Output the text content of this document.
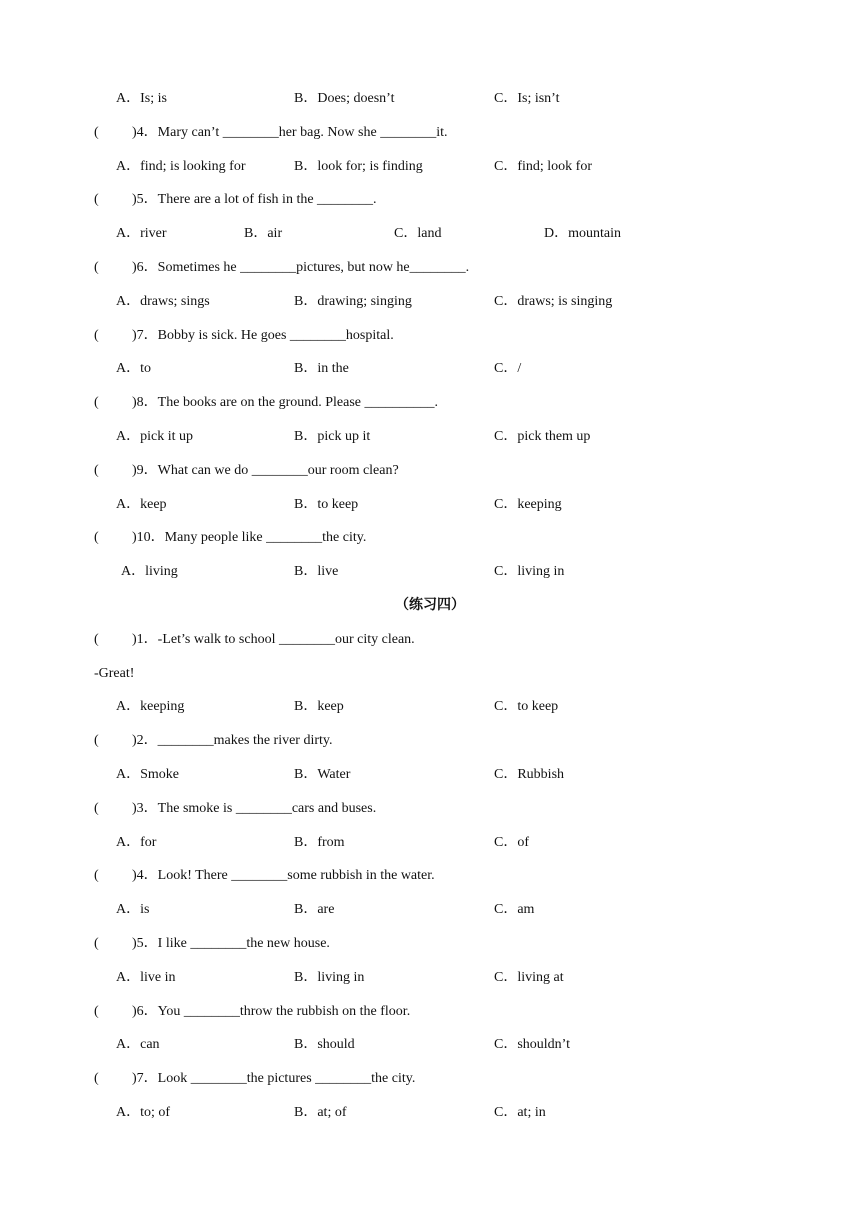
A．Is; is	B．Does; doesn’t	C．Is; isn’t
( )4．Mary can’t ________her bag. Now she ________it.
A．find; is looking for	B．look for; is finding	C．find; look for
( )5．There are a lot of fish in the ________.
A．river	B．air	C．land	D．mountain
( )6．Sometimes he ________pictures, but now he________.
A．draws; sings	B．drawing; singing	C．draws; is singing
( )7．Bobby is sick. He goes ________hospital.
A．to	B．in the	C．/
( )8．The books are on the ground. Please __________.
A．pick it up	B．pick up it	C．pick them up
( )9．What can we do ________our room clean?
A．keep	B．to keep	C．keeping
( )10．Many people like ________the city.
A．living	B．live	C．living in
（练习四）
( )1．-Let’s walk to school ________our city clean.
-Great!
A．keeping	B．keep	C．to keep
( )2．________makes the river dirty.
A．Smoke	B．Water	C．Rubbish
( )3．The smoke is ________cars and buses.
A．for	B．from	C．of
( )4．Look! There ________some rubbish in the water.
A．is	B．are	C．am
( )5．I like ________the new house.
A．live in	B．living in	C．living at
( )6．You ________throw the rubbish on the floor.
A．can	B．should	C．shouldn’t
( )7．Look ________the pictures ________the city.
A．to; of	B．at; of	C．at; in
